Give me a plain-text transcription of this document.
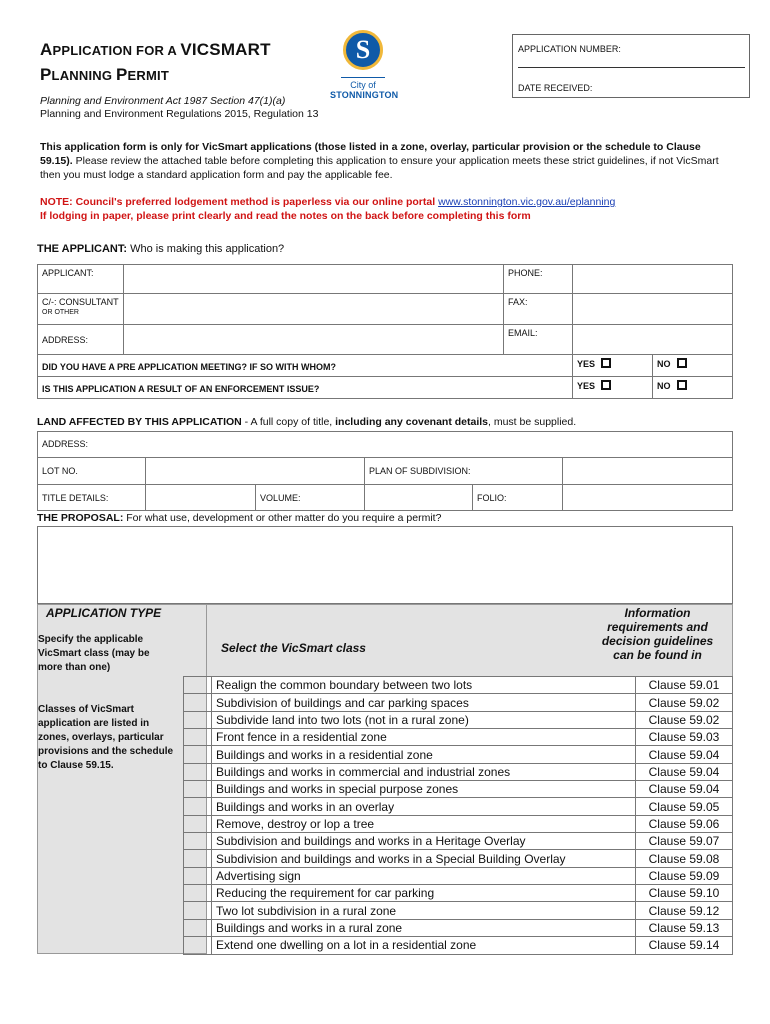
APPLICATION FOR A VICSMART
PLANNING PERMIT
S
City of
STONNINGTON
APPLICATION NUMBER:
DATE RECEIVED:
Planning and Environment Act 1987 Section 47(1)(a)
Planning and Environment Regulations 2015, Regulation 13
This application form is only for VicSmart applications (those listed in a zone, overlay, particular provision or the schedule to Clause 59.15). Please review the attached table before completing this application to ensure your application meets these strict guidelines, if not VicSmart then you must lodge a standard application form and pay the applicable fee.
NOTE: Council's preferred lodgement method is paperless via our online portal www.stonnington.vic.gov.au/eplanning
If lodging in paper, please print clearly and read the notes on the back before completing this form
THE APPLICANT: Who is making this application?
APPLICANT:		PHONE:		

C/-: CONSULTANT
OR OTHER		FAX:		
ADDRESS:		EMAIL:		
DID YOU HAVE A PRE APPLICATION MEETING? IF SO WITH WHOM?			YES	NO
IS THIS APPLICATION A RESULT OF AN ENFORCEMENT ISSUE?			YES	NO
LAND AFFECTED BY THIS APPLICATION - A full copy of title, including any covenant details, must be supplied.
ADDRESS:					
LOT NO.			PLAN OF SUBDIVISION:		
TITLE DETAILS:		VOLUME:		FOLIO:	
THE PROPOSAL: For what use, development or other matter do you require a permit?
APPLICATION TYPE
Specify the applicable VicSmart class (may be more than one)
Classes of VicSmart application are listed in zones, overlays, particular provisions and the schedule to Clause 59.15.
Select the VicSmart class
Information requirements and decision guidelines can be found in
	Realign the common boundary between two lots	Clause 59.01
	Subdivision of buildings and car parking spaces	Clause 59.02
	Subdivide land into two lots (not in a rural zone)	Clause 59.02
	Front fence in a residential zone	Clause 59.03
	Buildings and works in a residential zone	Clause 59.04
	Buildings and works in commercial and industrial zones	Clause 59.04
	Buildings and works in special purpose zones	Clause 59.04
	Buildings and works in an overlay	Clause 59.05
	Remove, destroy or lop a tree	Clause 59.06
	Subdivision and buildings and works in a Heritage Overlay	Clause 59.07
	Subdivision and buildings and works in a Special Building Overlay	Clause 59.08
	Advertising sign	Clause 59.09
	Reducing the requirement for car parking	Clause 59.10
	Two lot subdivision in a rural zone	Clause 59.12
	Buildings and works in a rural zone	Clause 59.13
	Extend one dwelling on a lot in a residential zone	Clause 59.14
